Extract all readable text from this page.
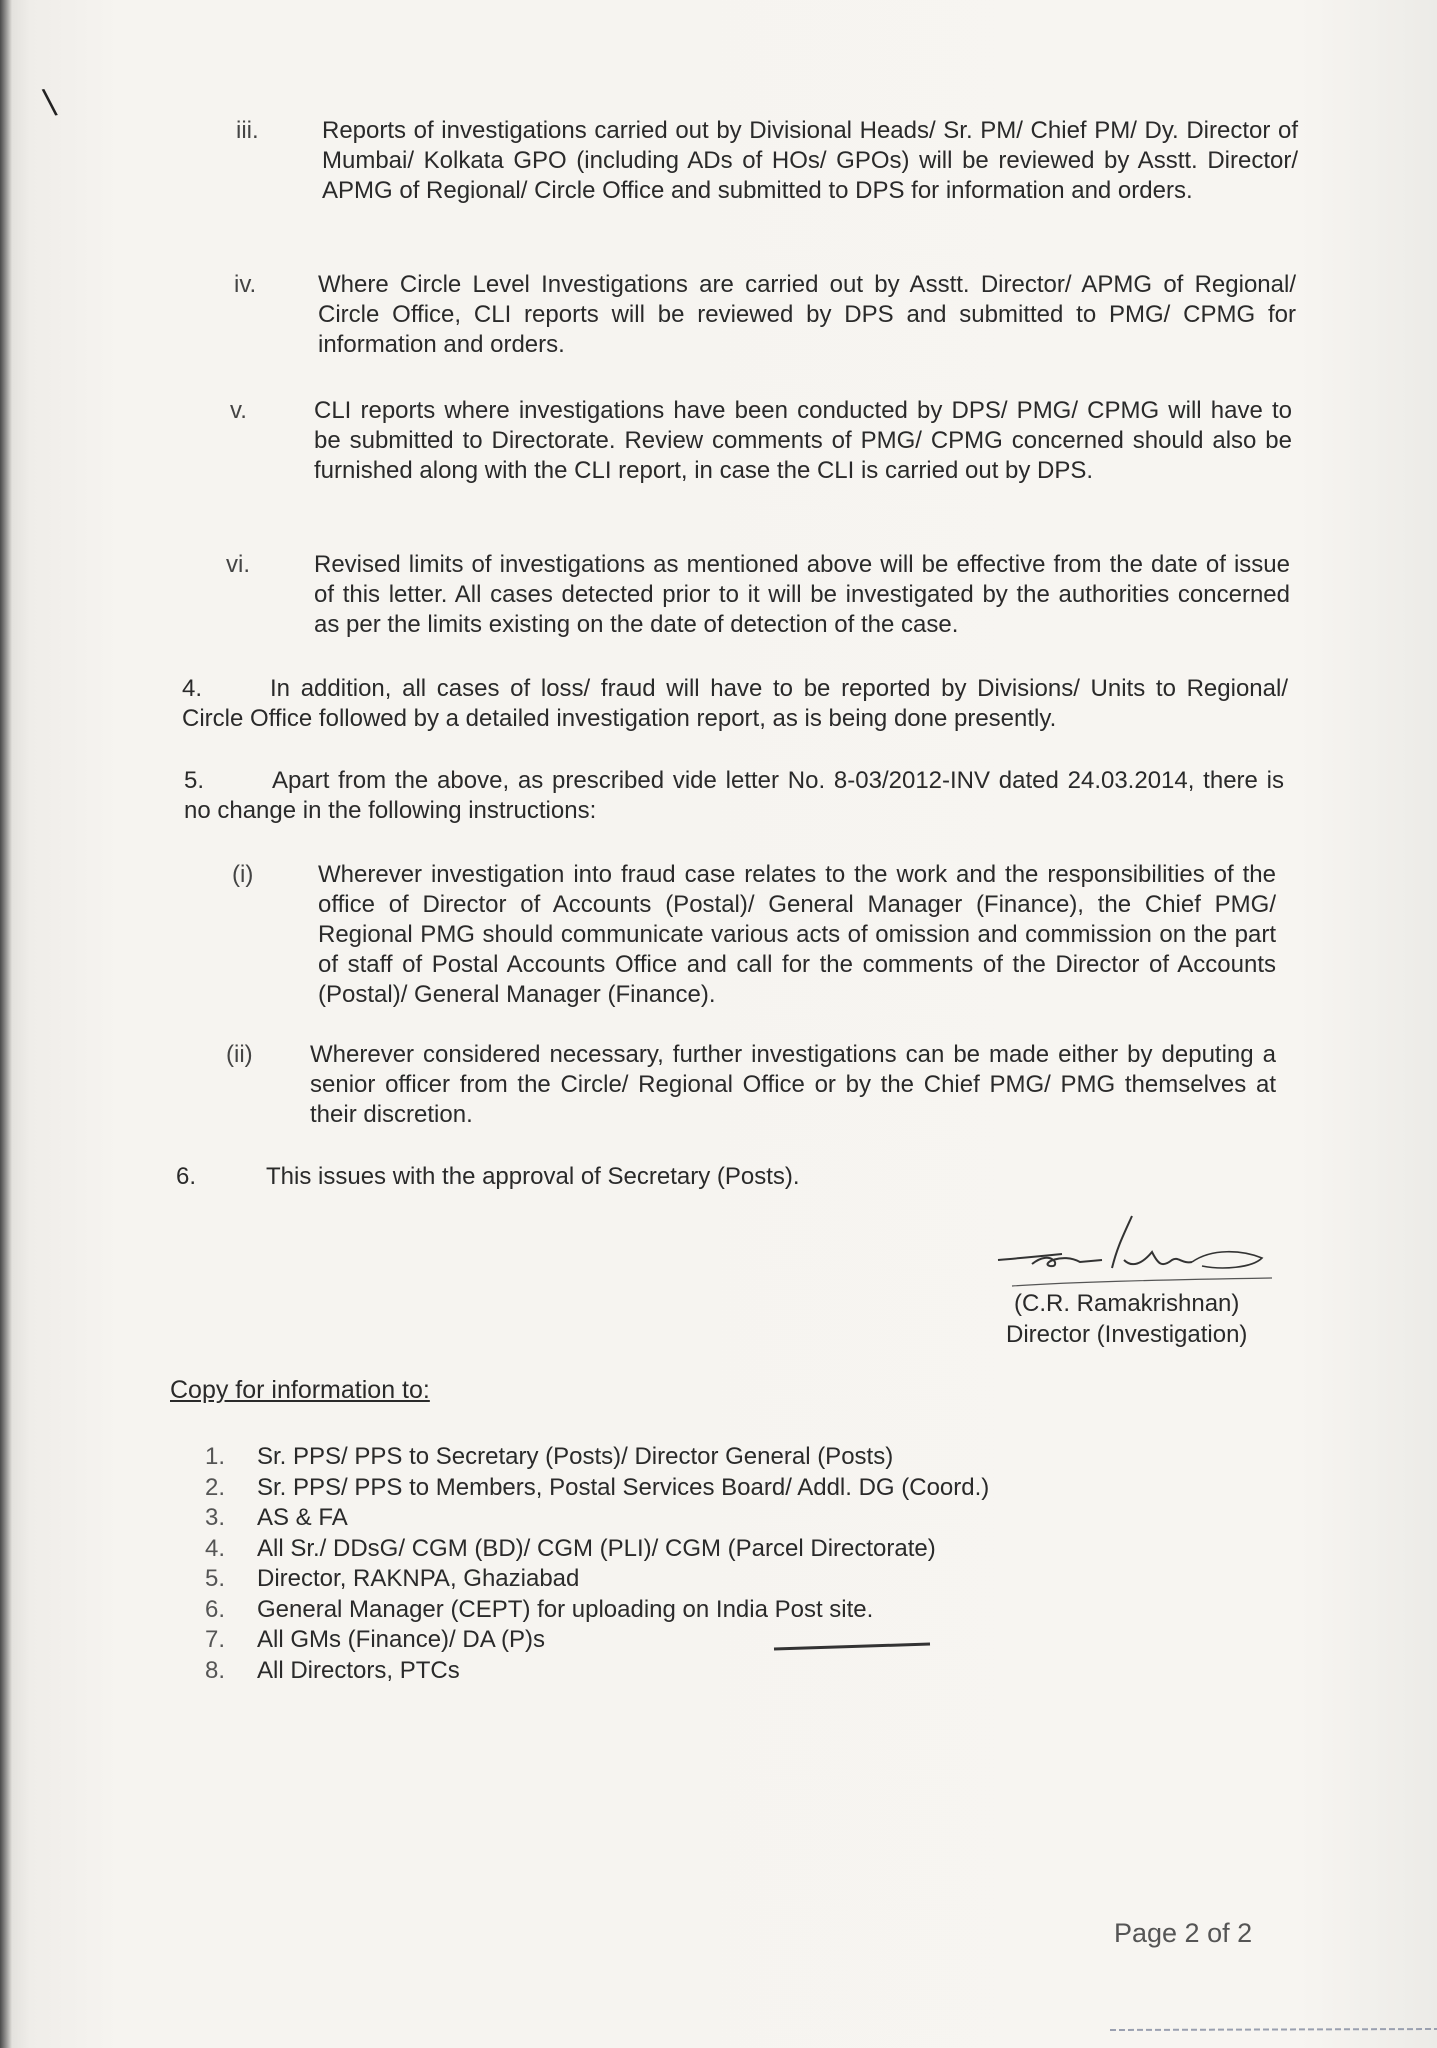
\
iii.	Reports of investigations carried out by Divisional Heads/ Sr. PM/ Chief PM/ Dy. Director of Mumbai/ Kolkata GPO (including ADs of HOs/ GPOs) will be reviewed by Asstt. Director/ APMG of Regional/ Circle Office and submitted to DPS for information and orders.
iv.	Where Circle Level Investigations are carried out by Asstt. Director/ APMG of Regional/ Circle Office, CLI reports will be reviewed by DPS and submitted to PMG/ CPMG for information and orders.
v.	CLI reports where investigations have been conducted by DPS/ PMG/ CPMG will have to be submitted to Directorate. Review comments of PMG/ CPMG concerned should also be furnished along with the CLI report, in case the CLI is carried out by DPS.
vi.	Revised limits of investigations as mentioned above will be effective from the date of issue of this letter. All cases detected prior to it will be investigated by the authorities concerned as per the limits existing on the date of detection of the case.
4.	In addition, all cases of loss/ fraud will have to be reported by Divisions/ Units to Regional/ Circle Office followed by a detailed investigation report, as is being done presently.
5.	Apart from the above, as prescribed vide letter No. 8-03/2012-INV dated 24.03.2014, there is no change in the following instructions:
(i)	Wherever investigation into fraud case relates to the work and the responsibilities of the office of Director of Accounts (Postal)/ General Manager (Finance), the Chief PMG/ Regional PMG should communicate various acts of omission and commission on the part of staff of Postal Accounts Office and call for the comments of the Director of Accounts (Postal)/ General Manager (Finance).
(ii) Wherever considered necessary, further investigations can be made either by deputing a senior officer from the Circle/ Regional Office or by the Chief PMG/ PMG themselves at their discretion.
6.	This issues with the approval of Secretary (Posts).
(C.R. Ramakrishnan)
Director (Investigation)
Copy for information to:
1. Sr. PPS/ PPS to Secretary (Posts)/ Director General (Posts)
2. Sr. PPS/ PPS to Members, Postal Services Board/ Addl. DG (Coord.)
3. AS & FA
4. All Sr./ DDsG/ CGM (BD)/ CGM (PLI)/ CGM (Parcel Directorate)
5. Director, RAKNPA, Ghaziabad
6. General Manager (CEPT) for uploading on India Post site.
7. All GMs (Finance)/ DA (P)s
8. All Directors, PTCs
Page 2 of 2
